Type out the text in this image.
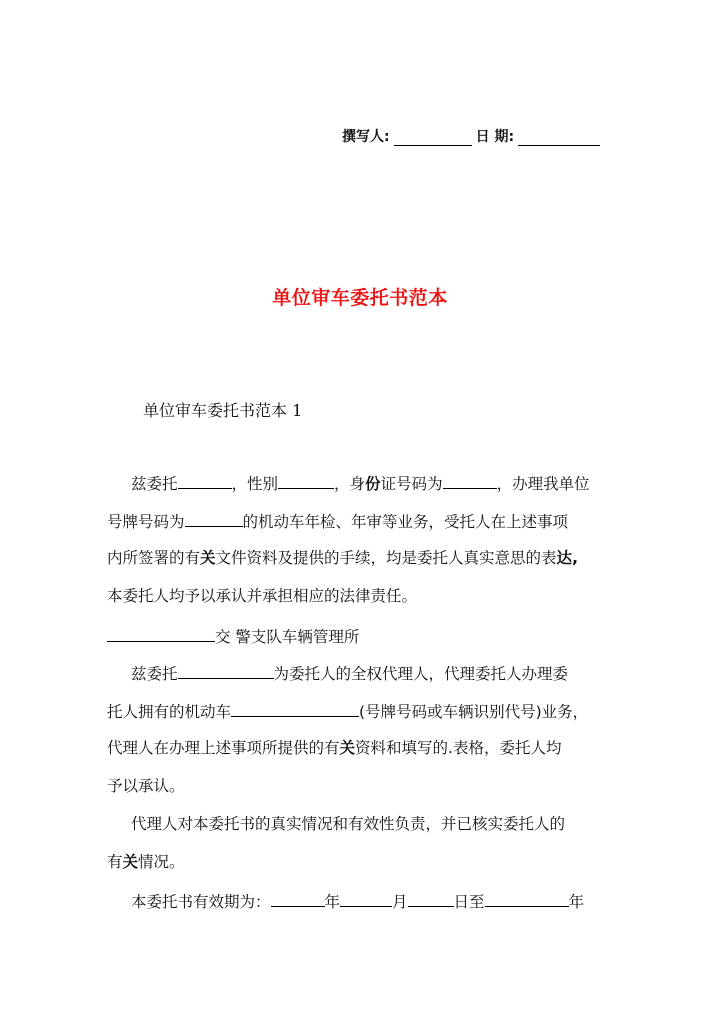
撰写人:	日 期:
单位审车委托书范本
单位审车委托书范本 1
兹委托	，性别	，身份证号码为	，办理我单位
号牌号码为	的机动车年检、年审等业务，受托人在上述事项
内所签署的有关文件资料及提供的手续，均是委托人真实意思的表达,
本委托人均予以承认并承担相应的法律责任。
交 警支队车辆管理所
兹委托	为委托人的全权代理人，代理委托人办理委
托人拥有的机动车	(号牌号码或车辆识别代号)业务，
代理人在办理上述事项所提供的有关资料和填写的.表格，委托人均
予以承认。
代理人对本委托书的真实情况和有效性负责，并已核实委托人的
有关情况。
本委托书有效期为：	年	月	日至	年
